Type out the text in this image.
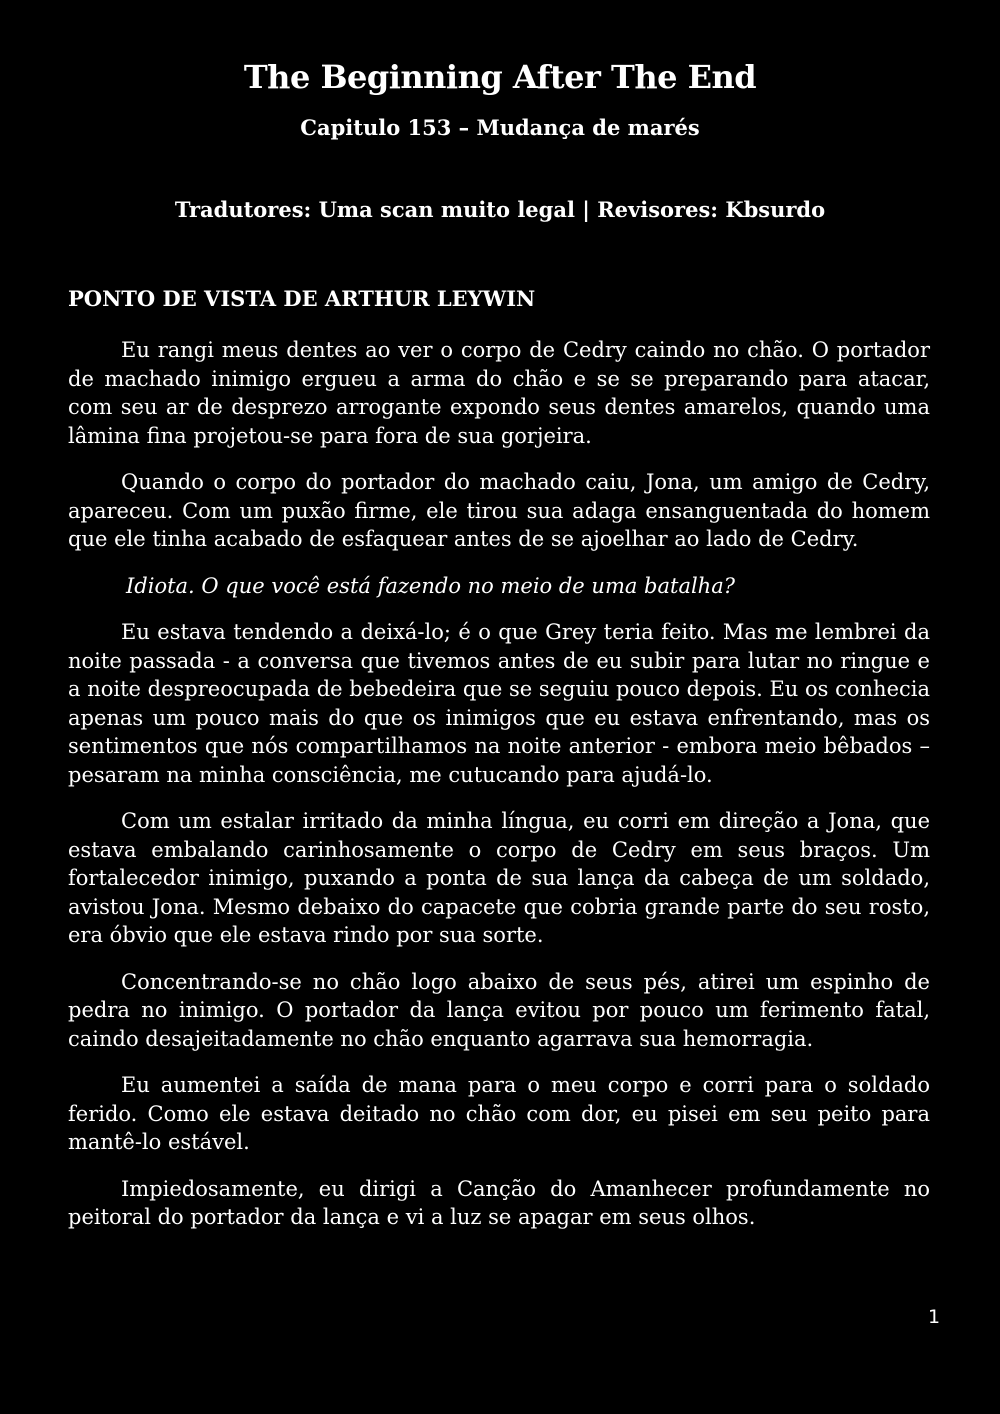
The Beginning After The End
Capitulo 153 – Mudança de marés

Tradutores: Uma scan muito legal | Revisores: Kbsurdo

PONTO DE VISTA DE ARTHUR LEYWIN

Eu rangi meus dentes ao ver o corpo de Cedry caindo no chão. O portador de machado inimigo ergueu a arma do chão e se se preparando para atacar, com seu ar de desprezo arrogante expondo seus dentes amarelos, quando uma lâmina fina projetou-se para fora de sua gorjeira.

Quando o corpo do portador do machado caiu, Jona, um amigo de Cedry, apareceu. Com um puxão firme, ele tirou sua adaga ensanguentada do homem que ele tinha acabado de esfaquear antes de se ajoelhar ao lado de Cedry.

Idiota. O que você está fazendo no meio de uma batalha?

Eu estava tendendo a deixá-lo; é o que Grey teria feito. Mas me lembrei da noite passada - a conversa que tivemos antes de eu subir para lutar no ringue e a noite despreocupada de bebedeira que se seguiu pouco depois. Eu os conhecia apenas um pouco mais do que os inimigos que eu estava enfrentando, mas os sentimentos que nós compartilhamos na noite anterior - embora meio bêbados – pesaram na minha consciência, me cutucando para ajudá-lo.

Com um estalar irritado da minha língua, eu corri em direção a Jona, que estava embalando carinhosamente o corpo de Cedry em seus braços. Um fortalecedor inimigo, puxando a ponta de sua lança da cabeça de um soldado, avistou Jona. Mesmo debaixo do capacete que cobria grande parte do seu rosto, era óbvio que ele estava rindo por sua sorte.

Concentrando-se no chão logo abaixo de seus pés, atirei um espinho de pedra no inimigo. O portador da lança evitou por pouco um ferimento fatal, caindo desajeitadamente no chão enquanto agarrava sua hemorragia.

Eu aumentei a saída de mana para o meu corpo e corri para o soldado ferido. Como ele estava deitado no chão com dor, eu pisei em seu peito para mantê-lo estável.

Impiedosamente, eu dirigi a Canção do Amanhecer profundamente no peitoral do portador da lança e vi a luz se apagar em seus olhos.

1
